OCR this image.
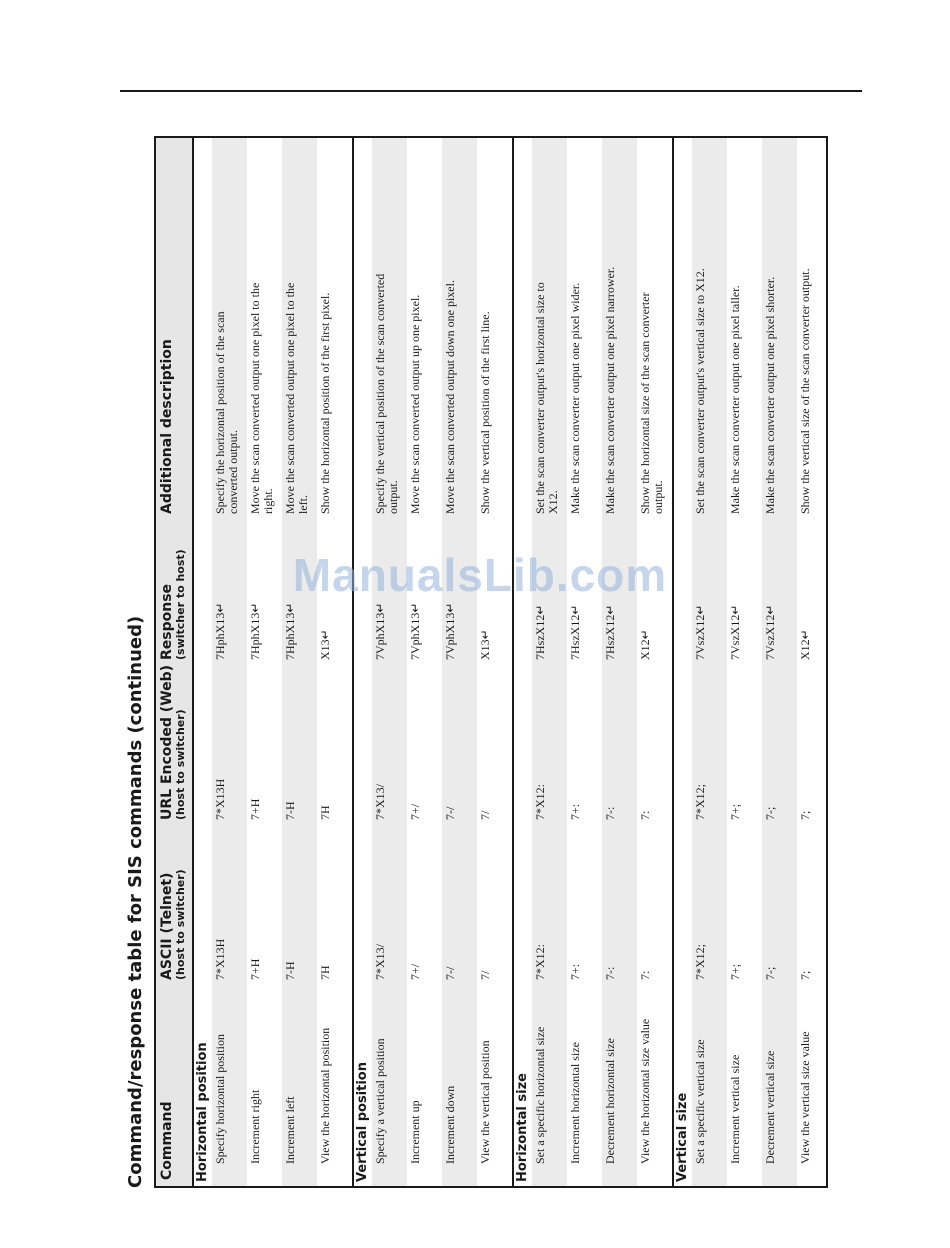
Command/response table for SIS commands (continued) Command
ASCII (Telnet) (host to switcher)
URL Encoded (Web) (host to switcher)
Response (switcher to host)
Additional description
Horizontal position Specify horizontal position
7*X13H
7*X13H
7HphX13↵
Specify the horizontal position of the scan converted output.
Increment right
7+H
7+H
7HphX13↵
Move the scan converted output one pixel to the right.
Increment left
7-H
7-H
7HphX13↵
Move the scan converted output one pixel to the left.
View the horizontal position
7H
7H
X13↵
Show the horizontal position of the first pixel.
Vertical position Specify a vertical position
7*X13/
7*X13/
7VphX13↵
Specify the vertical position of the scan converted output.
Increment up
7+/
7+/
7VphX13↵
Move the scan converted output up one pixel.
Increment down
7-/
7-/
7VphX13↵
Move the scan converted output down one pixel.
View the vertical position
7/
7/
X13↵
Show the vertical position of the first line.
Horizontal size Set a specific horizontal size
7*X12:
7*X12:
7HszX12↵
Set the scan converter output's horizontal size to X12.
Increment horizontal size
7+:
7+:
7HszX12↵
Make the scan converter output one pixel wider.
Decrement horizontal size
7-:
7-:
7HszX12↵
Make the scan converter output one pixel narrower.
View the horizontal size value
7:
7:
X12↵
Show the horizontal size of the scan converter output.
Vertical size Set a specific vertical size
7*X12;
7*X12;
7VszX12↵
Set the scan converter output's vertical size to X12.
Increment vertical size
7+;
7+;
7VszX12↵
Make the scan converter output one pixel taller.
Decrement vertical size
7-;
7-;
7VszX12↵
Make the scan converter output one pixel shorter.
View the vertical size value
7;
7;
X12↵
Show the vertical size of the scan converter output.
ManualsLib.com
